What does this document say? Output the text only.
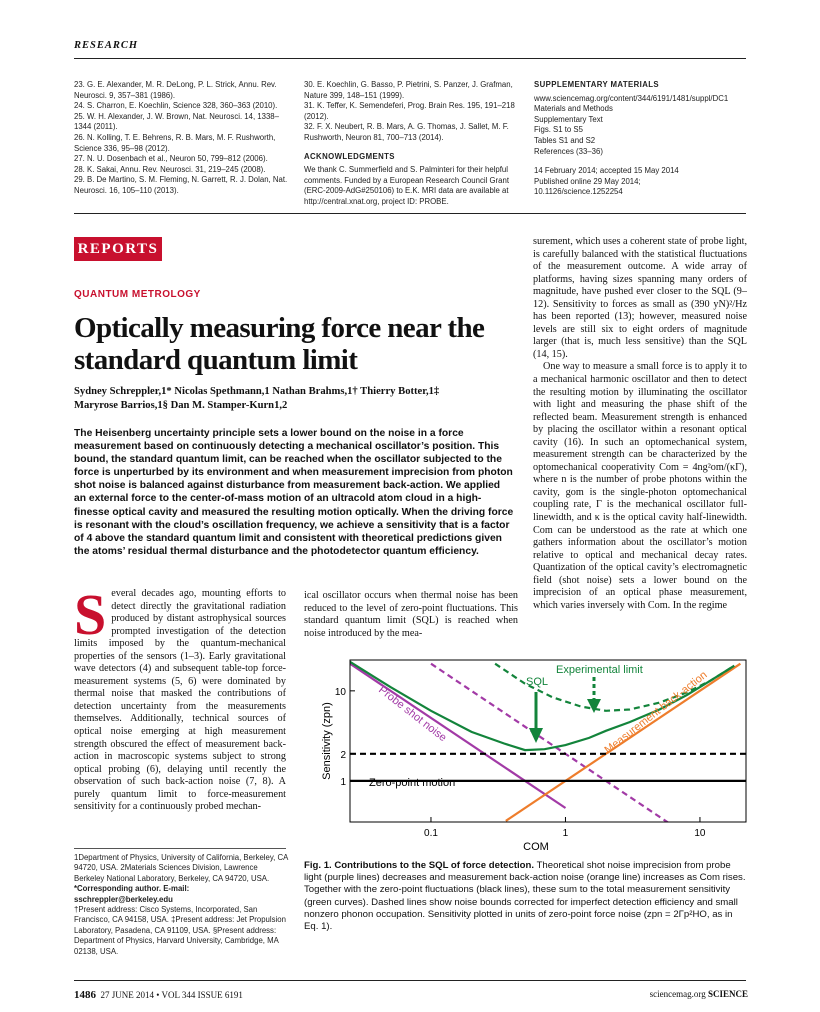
RESEARCH

23. G. E. Alexander, M. R. DeLong, P. L. Strick, Annu. Rev. Neurosci. 9, 357–381 (1986).

24. S. Charron, E. Koechlin, Science 328, 360–363 (2010).

25. W. H. Alexander, J. W. Brown, Nat. Neurosci. 14, 1338–1344 (2011).

26. N. Kolling, T. E. Behrens, R. B. Mars, M. F. Rushworth, Science 336, 95–98 (2012).

27. N. U. Dosenbach et al., Neuron 50, 799–812 (2006).

28. K. Sakai, Annu. Rev. Neurosci. 31, 219–245 (2008).

29. B. De Martino, S. M. Fleming, N. Garrett, R. J. Dolan, Nat. Neurosci. 16, 105–110 (2013).

30. E. Koechlin, G. Basso, P. Pietrini, S. Panzer, J. Grafman, Nature 399, 148–151 (1999).

31. K. Teffer, K. Semendeferi, Prog. Brain Res. 195, 191–218 (2012).

32. F. X. Neubert, R. B. Mars, A. G. Thomas, J. Sallet, M. F. Rushworth, Neuron 81, 700–713 (2014).

ACKNOWLEDGMENTS

We thank C. Summerfield and S. Palminteri for their helpful comments. Funded by a European Research Council Grant (ERC-2009-AdG#250106) to E.K. MRI data are available at http://central.xnat.org, project ID: PROBE.

SUPPLEMENTARY MATERIALS
www.sciencemag.org/content/344/6191/1481/suppl/DC1
Materials and Methods
Supplementary Text
Figs. S1 to S5
Tables S1 and S2
References (33–36)
14 February 2014; accepted 15 May 2014
Published online 29 May 2014;
10.1126/science.1252254
REPORTS
QUANTUM METROLOGY
Optically measuring force near the standard quantum limit
Sydney Schreppler,1* Nicolas Spethmann,1 Nathan Brahms,1† Thierry Botter,1‡
Maryrose Barrios,1§ Dan M. Stamper-Kurn1,2
The Heisenberg uncertainty principle sets a lower bound on the noise in a force measurement based on continuously detecting a mechanical oscillator’s position. This bound, the standard quantum limit, can be reached when the oscillator subjected to the force is unperturbed by its environment and when measurement imprecision from photon shot noise is balanced against disturbance from measurement back-action. We applied an external force to the center-of-mass motion of an ultracold atom cloud in a high-finesse optical cavity and measured the resulting motion optically. When the driving force is resonant with the cloud’s oscillation frequency, we achieve a sensitivity that is a factor of 4 above the standard quantum limit and consistent with theoretical predictions given the atoms’ residual thermal disturbance and the photodetector quantum efficiency.
Several decades ago, mounting efforts to detect directly the gravitational radiation produced by distant astrophysical sources prompted investigation of the detection limits imposed by the quantum-mechanical properties of the sensors (1–3). Early gravitational wave detectors (4) and subsequent table-top force-measurement systems (5, 6) were dominated by thermal noise that masked the contributions of detection uncertainty from the measurements themselves. Additionally, technical sources of optical noise emerging at high measurement strength obscured the effect of measurement back-action in macroscopic systems subject to strong optical probing (6), delaying until recently the observation of such back-action noise (7, 8). A purely quantum limit to force-measurement sensitivity for a continuously probed mechan-
ical oscillator occurs when thermal noise has been reduced to the level of zero-point fluctuations. This standard quantum limit (SQL) is reached when noise introduced by the mea-
surement, which uses a coherent state of probe light, is carefully balanced with the statistical fluctuations of the measurement outcome. A wide array of platforms, having sizes spanning many orders of magnitude, have pushed ever closer to the SQL (9–12). Sensitivity to forces as small as (390 yN)²/Hz has been reported (13); however, measured noise levels are still six to eight orders of magnitude larger (that is, much less sensitive) than the SQL (14, 15).
One way to measure a small force is to apply it to a mechanical harmonic oscillator and then to detect the resulting motion by illuminating the oscillator with light and measuring the phase shift of the reflected beam. Measurement strength is enhanced by placing the oscillator within a resonant optical cavity (16). In such an optomechanical system, measurement strength can be characterized by the optomechanical cooperativity Com = 4ng²om/(κΓ), where n is the number of probe photons within the cavity, gom is the single-photon optomechanical coupling rate, Γ is the mechanical oscillator full-linewidth, and κ is the optical cavity half-linewidth. Com can be understood as the rate at which one gathers information about the oscillator’s motion relative to optical and mechanical decay rates. Quantization of the optical cavity’s electromagnetic field (shot noise) sets a lower bound on the imprecision of an optical phase measurement, which varies inversely with Com. In the regime
1Department of Physics, University of California, Berkeley, CA 94720, USA. 2Materials Sciences Division, Lawrence Berkeley National Laboratory, Berkeley, CA 94720, USA.
*Corresponding author. E-mail: sschreppler@berkeley.edu
†Present address: Cisco Systems, Incorporated, San Francisco, CA 94158, USA. ‡Present address: Jet Propulsion Laboratory, Pasadena, CA 91109, USA. §Present address: Department of Physics, Harvard University, Cambridge, MA 02138, USA.
0.1	1	10
1
2
10
COM
Sensitivity (zpn)
SQL
Experimental limit
Zero-point motion
Probe shot noise	Measurement back-action
Fig. 1. Contributions to the SQL of force detection. Theoretical shot noise imprecision from probe light (purple lines) decreases and measurement back-action noise (orange line) increases as Com rises. Together with the zero-point fluctuations (black lines), these sum to the total measurement sensitivity (green curves). Dashed lines show noise bounds corrected for imperfect detection efficiency and small nonzero phonon occupation. Sensitivity plotted in units of zero-point force noise (zpn = 2Γp²HO, as in Eq. 1).
1486 27 JUNE 2014 • VOL 344 ISSUE 6191	sciencemag.org SCIENCE
